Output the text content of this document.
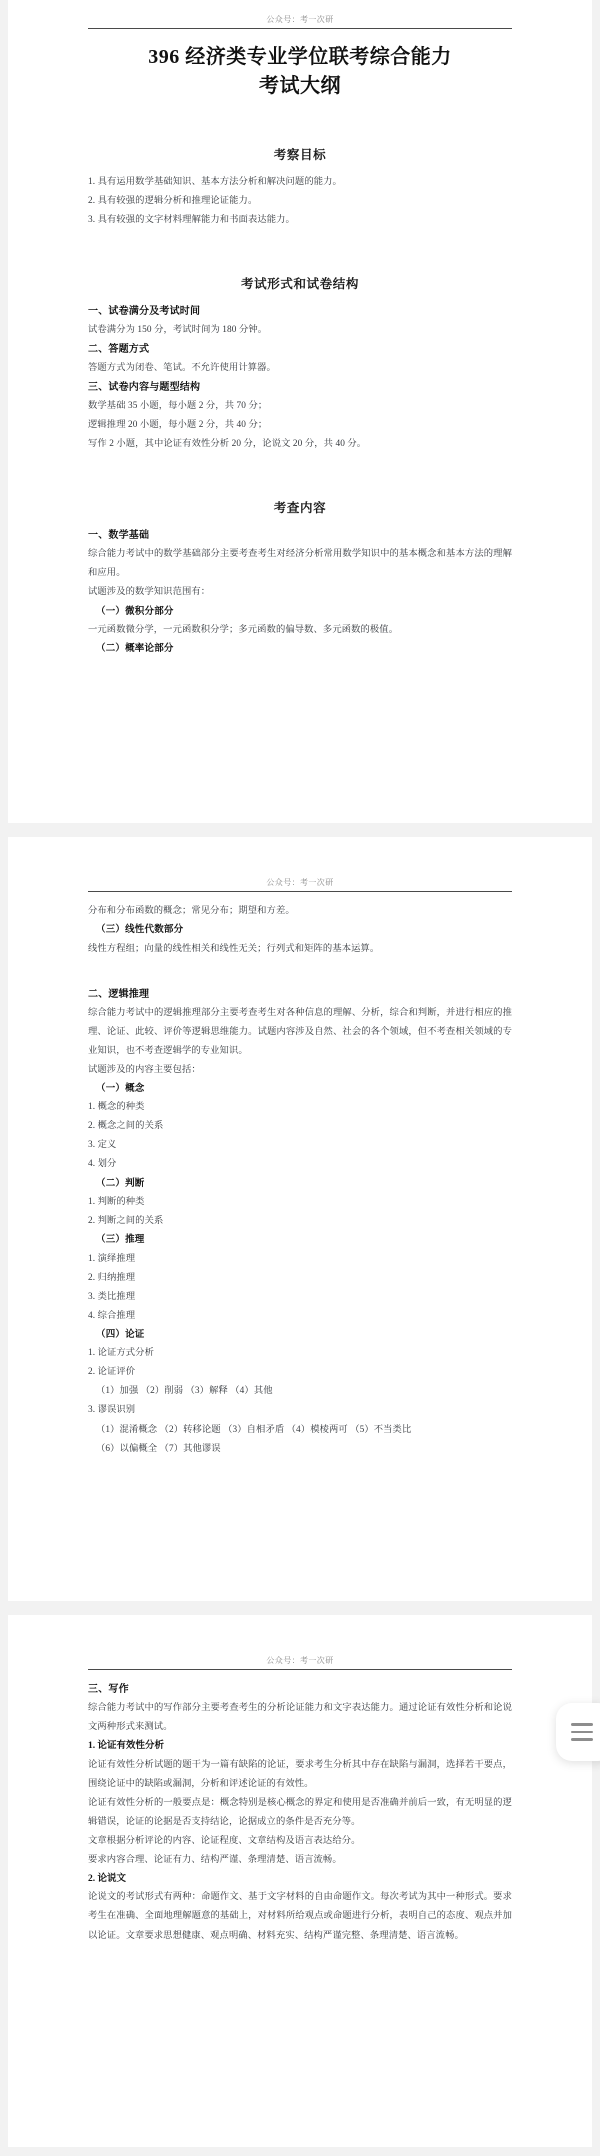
公众号：考一次研
396 经济类专业学位联考综合能力
考试大纲
考察目标

1. 具有运用数学基础知识、基本方法分析和解决问题的能力。

2. 具有较强的逻辑分析和推理论证能力。

3. 具有较强的文字材料理解能力和书面表达能力。

考试形式和试卷结构

一、试卷满分及考试时间

试卷满分为 150 分，考试时间为 180 分钟。

二、答题方式

答题方式为闭卷、笔试。不允许使用计算器。

三、试卷内容与题型结构

数学基础 35 小题，每小题 2 分，共 70 分；

逻辑推理 20 小题，每小题 2 分，共 40 分；

写作 2 小题，其中论证有效性分析 20 分，论说文 20 分，共 40 分。

考查内容

一、数学基础

综合能力考试中的数学基础部分主要考查考生对经济分析常用数学知识中的基本概念和基本方法的理解和应用。

试题涉及的数学知识范围有：

（一）微积分部分

一元函数微分学，一元函数积分学；多元函数的偏导数、多元函数的极值。

（二）概率论部分

公众号：考一次研

分布和分布函数的概念；常见分布；期望和方差。

（三）线性代数部分

线性方程组；向量的线性相关和线性无关；行列式和矩阵的基本运算。

二、逻辑推理

综合能力考试中的逻辑推理部分主要考查考生对各种信息的理解、分析，综合和判断，并进行相应的推理、论证、此较、评价等逻辑思维能力。试题内容涉及自然、社会的各个领域，但不考查相关领域的专业知识，也不考查逻辑学的专业知识。

试题涉及的内容主要包括：

（一）概念

1. 概念的种类

2. 概念之间的关系

3. 定义

4. 划分

（二）判断

1. 判断的种类

2. 判断之间的关系

（三）推理

1. 演绎推理

2. 归纳推理

3. 类比推理

4. 综合推理

（四）论证

1. 论证方式分析

2. 论证评价

（1）加强 （2）削弱 （3）解释 （4）其他

3. 谬误识别

（1）混淆概念 （2）转移论题 （3）自相矛盾 （4）模棱两可 （5）不当类比

（6）以偏概全 （7）其他谬误

公众号：考一次研

三、写作

综合能力考试中的写作部分主要考查考生的分析论证能力和文字表达能力。通过论证有效性分析和论说文两种形式来测试。

1. 论证有效性分析

论证有效性分析试题的题干为一篇有缺陷的论证，要求考生分析其中存在缺陷与漏洞，选择若干要点，围绕论证中的缺陷或漏洞，分析和评述论证的有效性。

论证有效性分析的一般要点是：概念特别是核心概念的界定和使用是否准确并前后一致，有无明显的逻辑错误，论证的论据是否支持结论，论据成立的条件是否充分等。

文章根据分析评论的内容、论证程度、文章结构及语言表达给分。

要求内容合理、论证有力、结构严谨、条理清楚、语言流畅。

2. 论说文

论说文的考试形式有两种：命题作文、基于文字材料的自由命题作文。每次考试为其中一种形式。要求考生在准确、全面地理解题意的基础上，对材料所给观点或命题进行分析，表明自己的态度、观点并加以论证。文章要求思想健康、观点明确、材料充实、结构严谨完整、条理清楚、语言流畅。
